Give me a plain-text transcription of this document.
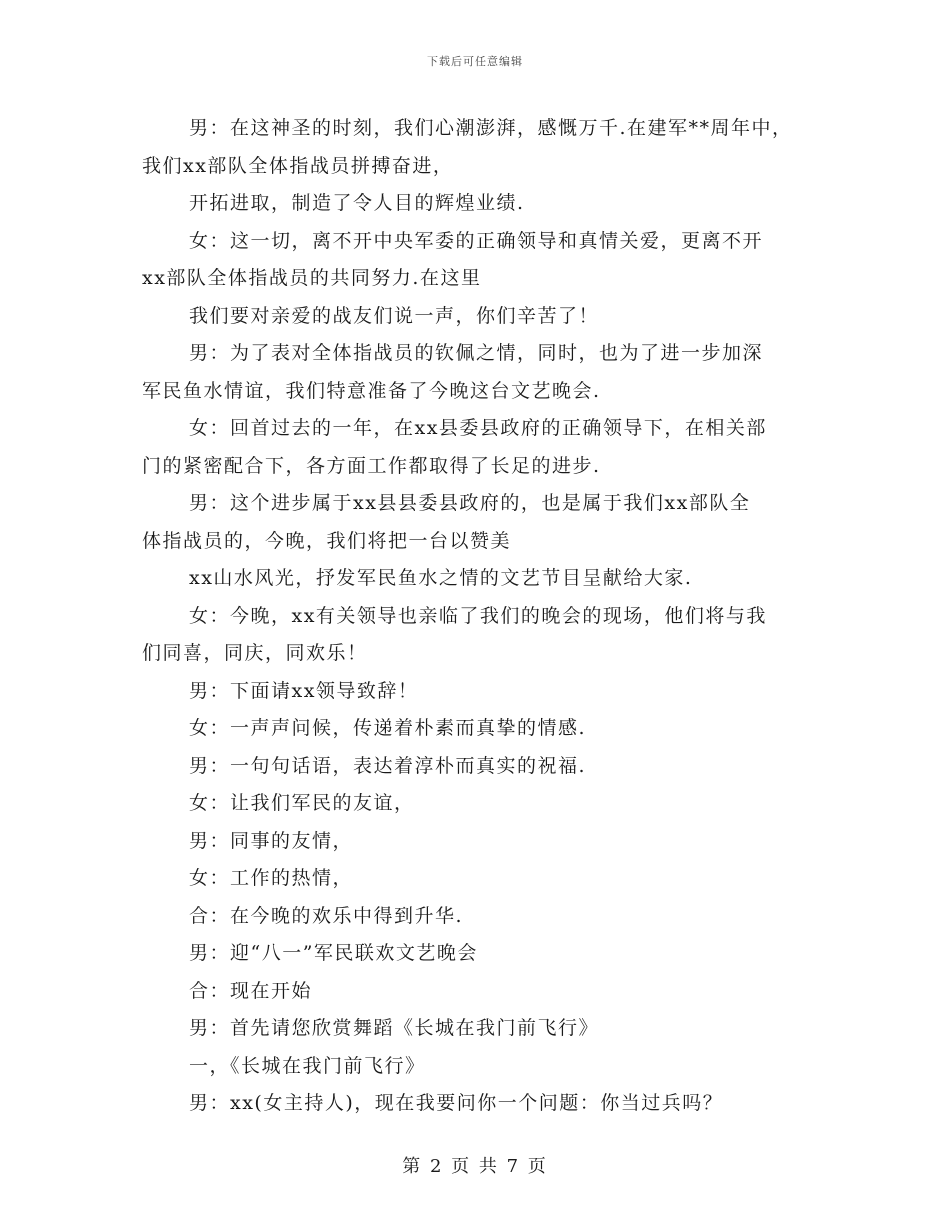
下载后可任意编辑
男：在这神圣的时刻，我们心潮澎湃，感慨万千.在建军**周年中，
我们xx部队全体指战员拼搏奋进，
开拓进取，制造了令人目的辉煌业绩.
女：这一切，离不开中央军委的正确领导和真情关爱，更离不开
xx部队全体指战员的共同努力.在这里
我们要对亲爱的战友们说一声，你们辛苦了！
男：为了表对全体指战员的钦佩之情，同时，也为了进一步加深
军民鱼水情谊，我们特意准备了今晚这台文艺晚会.
女：回首过去的一年，在xx县委县政府的正确领导下，在相关部
门的紧密配合下，各方面工作都取得了长足的进步.
男：这个进步属于xx县县委县政府的，也是属于我们xx部队全
体指战员的，今晚，我们将把一台以赞美
xx山水风光，抒发军民鱼水之情的文艺节目呈献给大家.
女：今晚，xx有关领导也亲临了我们的晚会的现场，他们将与我
们同喜，同庆，同欢乐！
男：下面请xx领导致辞！
女：一声声问候，传递着朴素而真挚的情感.
男：一句句话语，表达着淳朴而真实的祝福.
女：让我们军民的友谊，
男：同事的友情，
女：工作的热情，
合：在今晚的欢乐中得到升华.
男：迎“八一”军民联欢文艺晚会
合：现在开始
男：首先请您欣赏舞蹈《长城在我门前飞行》
一，《长城在我门前飞行》
男：xx(女主持人)，现在我要问你一个问题：你当过兵吗？
第 2 页 共 7 页
